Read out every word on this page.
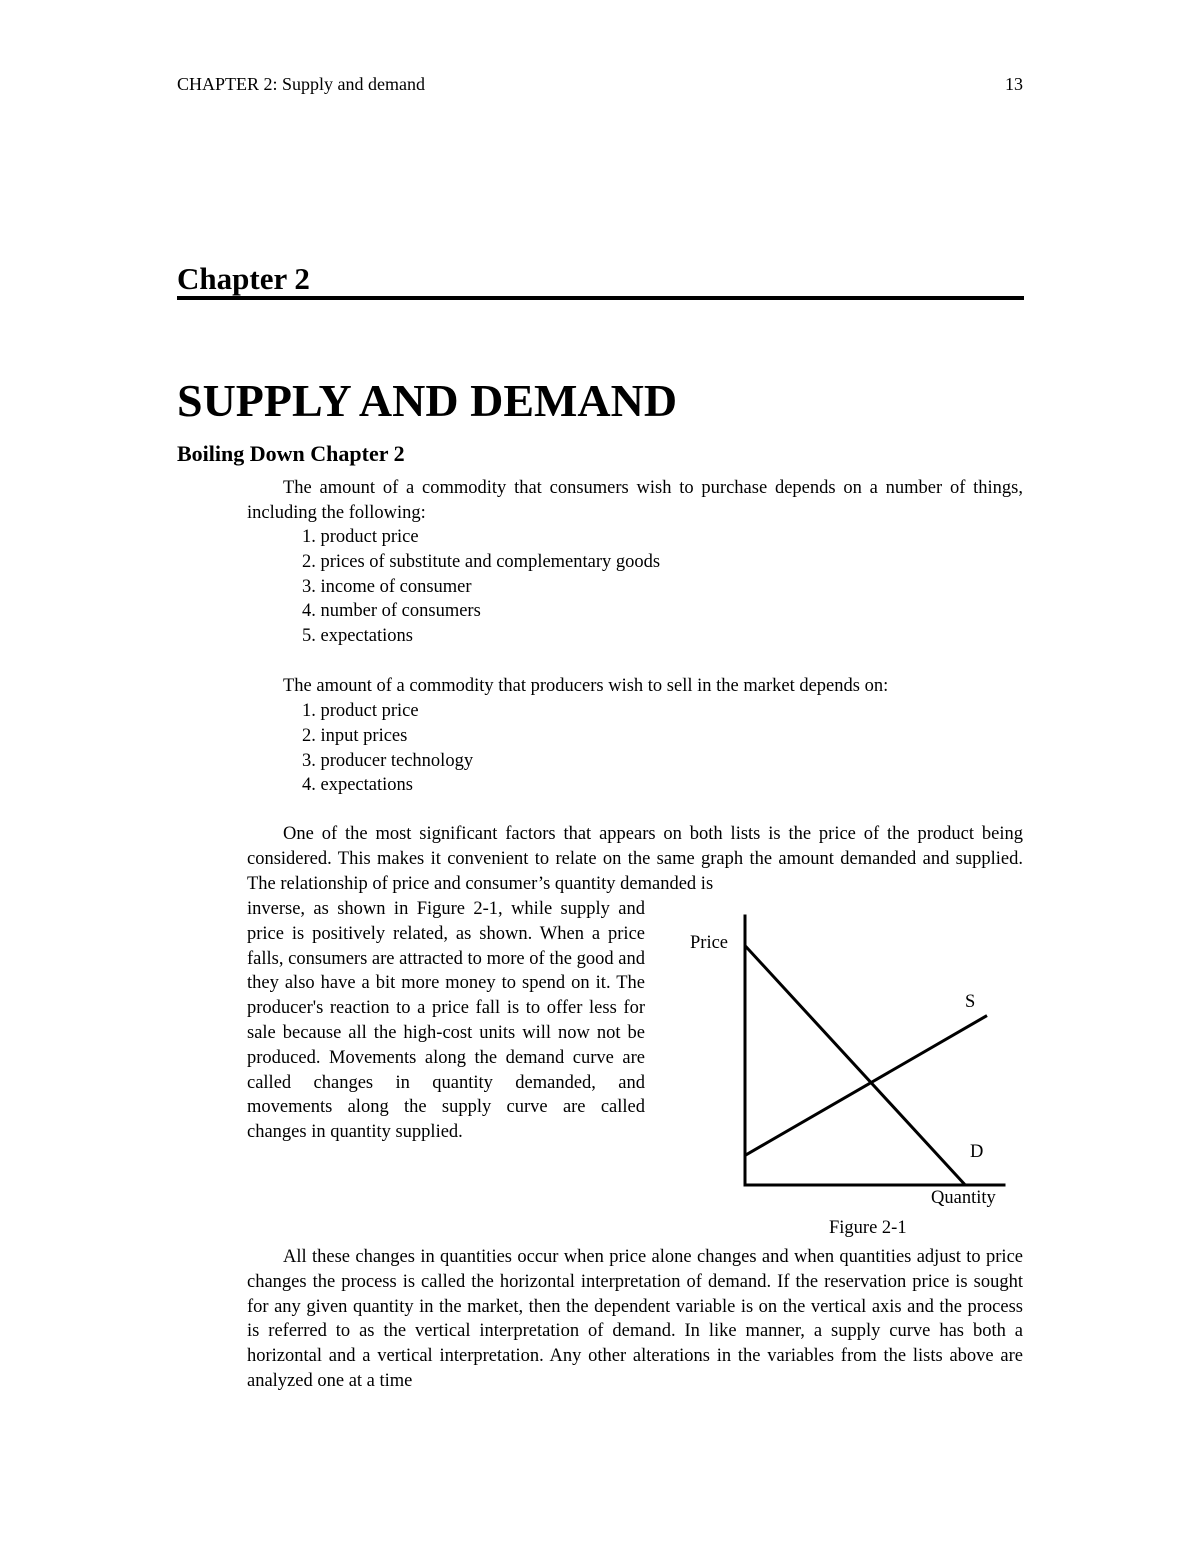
CHAPTER 2: Supply and demand	13
Chapter 2
SUPPLY AND DEMAND
Boiling Down Chapter 2

The amount of a commodity that consumers wish to purchase depends on a number of things, including the following:

1. product price
2. prices of substitute and complementary goods
3. income of consumer
4. number of consumers
5. expectations

The amount of a commodity that producers wish to sell in the market depends on:

1. product price
2. input prices
3. producer technology
4. expectations

One of the most significant factors that appears on both lists is the price of the product being considered. This makes it convenient to relate on the same graph the amount demanded and supplied. The relationship of price and consumer’s quantity demanded is

inverse, as shown in Figure 2-1, while supply and price is positively related, as shown. When a price falls, consumers are attracted to more of the good and they also have a bit more money to spend on it. The producer's reaction to a price fall is to offer less for sale because all the high-cost units will now not be produced. Movements along the demand curve are called changes in quantity demanded, and movements along the supply curve are called changes in quantity supplied.

Price
Quantity
S
D
Figure 2-1

All these changes in quantities occur when price alone changes and when quantities adjust to price changes the process is called the horizontal interpretation of demand. If the reservation price is sought for any given quantity in the market, then the dependent variable is on the vertical axis and the process is referred to as the vertical interpretation of demand. In like manner, a supply curve has both a horizontal and a vertical interpretation. Any other alterations in the variables from the lists above are analyzed one at a time
